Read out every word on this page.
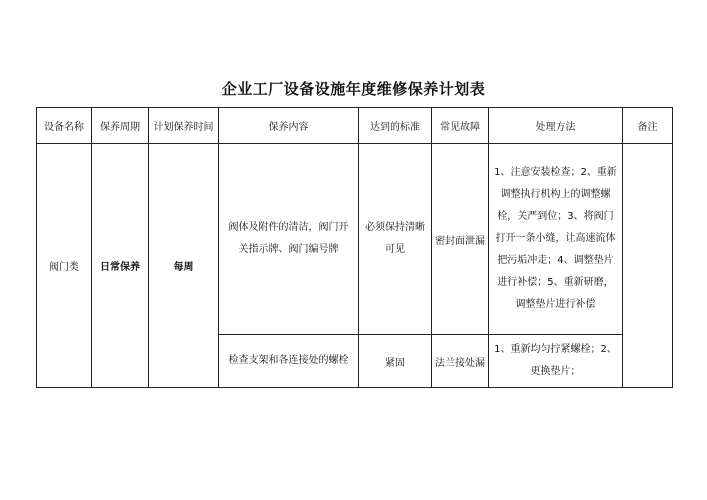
企业工厂设备设施年度维修保养计划表
设备名称	保养周期	计划保养时间	保养内容	达到的标准	常见故障	处理方法	备注
阀门类	日常保养	每周	阀体及附件的清洁，阀门开关指示牌、阀门编号牌	必须保持清晰可见	密封面泄漏	1、注意安装检查；2、重新调整执行机构上的调整螺栓，关严到位；3、将阀门打开一条小缝，让高速流体把污垢冲走；4、调整垫片进行补偿；5、重新研磨，调整垫片进行补偿	

			检查支架和各连接处的螺栓	紧固	法兰接处漏	1、重新均匀拧紧螺栓；2、更换垫片；	
